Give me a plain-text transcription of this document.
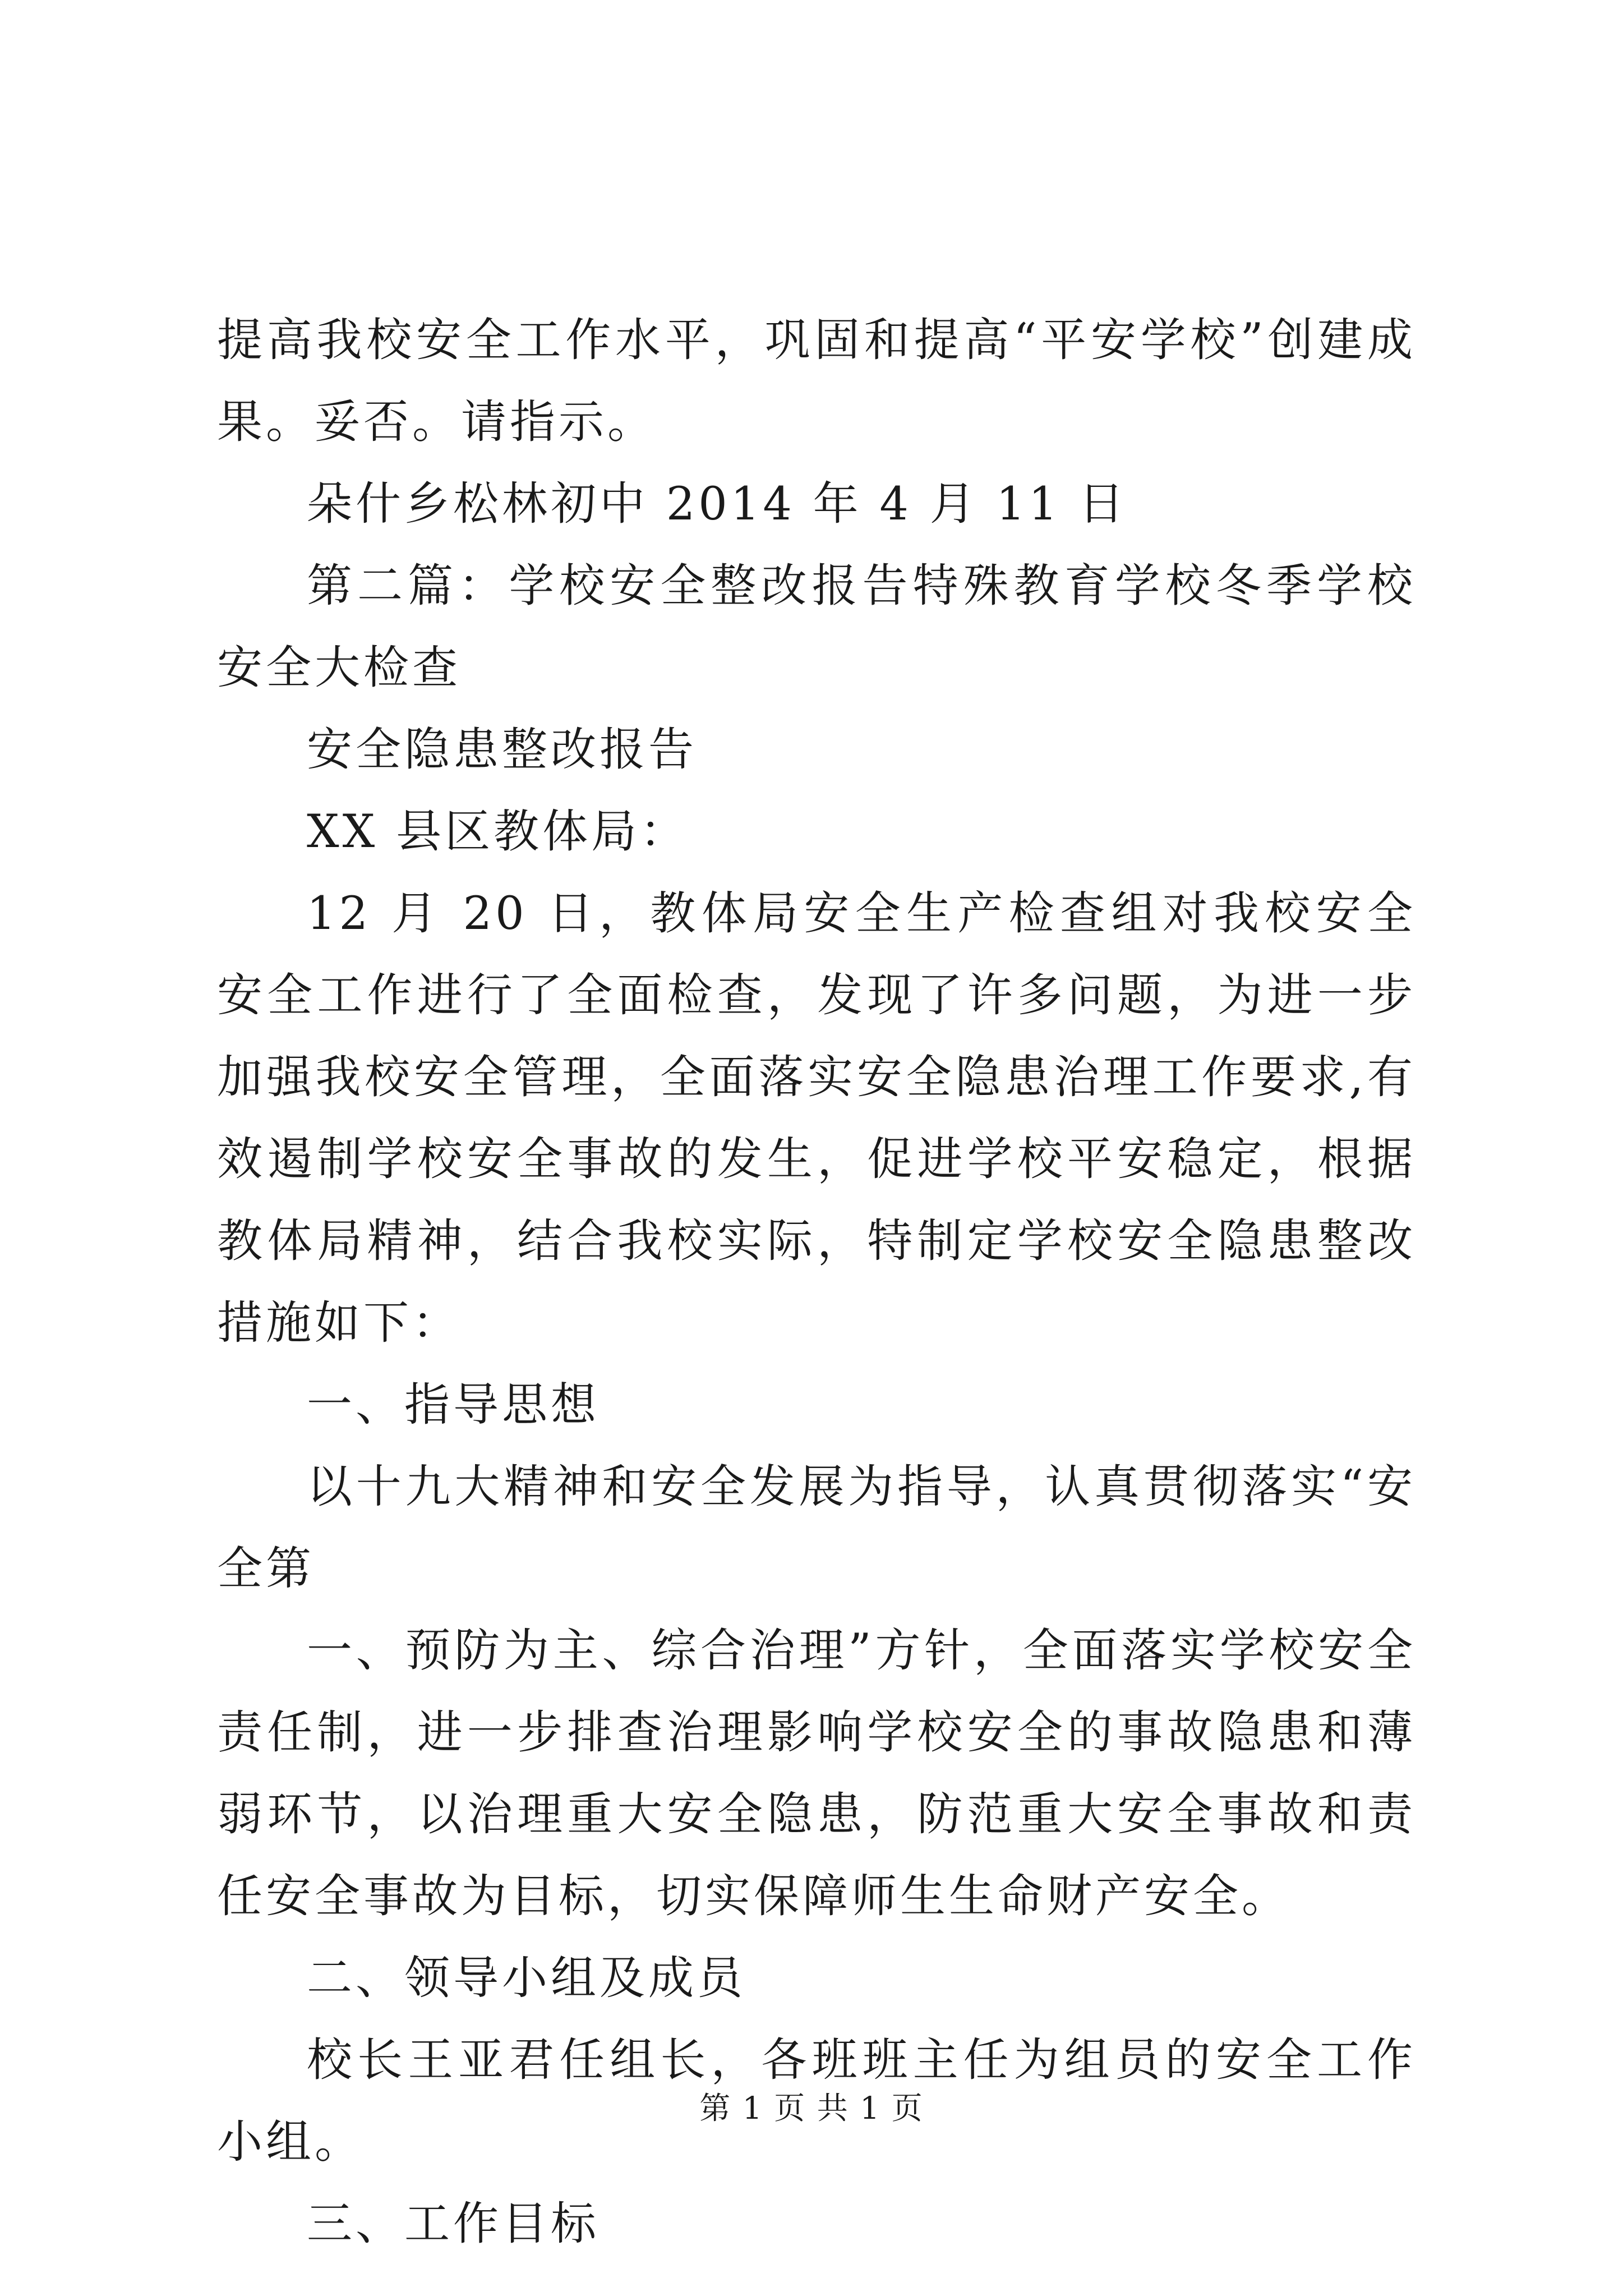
提高我校安全工作水平，巩固和提高“平安学校”创建成果。妥否。请指示。

朵什乡松林初中 2014 年 4 月 11 日

第二篇：学校安全整改报告特殊教育学校冬季学校安全大检查

安全隐患整改报告

XX 县区教体局：

12 月 20 日，教体局安全生产检查组对我校安全安全工作进行了全面检查，发现了许多问题，为进一步加强我校安全管理，全面落实安全隐患治理工作要求,有效遏制学校安全事故的发生，促进学校平安稳定，根据教体局精神，结合我校实际，特制定学校安全隐患整改措施如下：

一、指导思想

以十九大精神和安全发展为指导，认真贯彻落实“安全第

一、预防为主、综合治理”方针，全面落实学校安全责任制，进一步排查治理影响学校安全的事故隐患和薄弱环节，以治理重大安全隐患，防范重大安全事故和责任安全事故为目标，切实保障师生生命财产安全。

二、领导小组及成员

校长王亚君任组长，各班班主任为组员的安全工作小组。

三、工作目标

第 1 页 共 1 页
